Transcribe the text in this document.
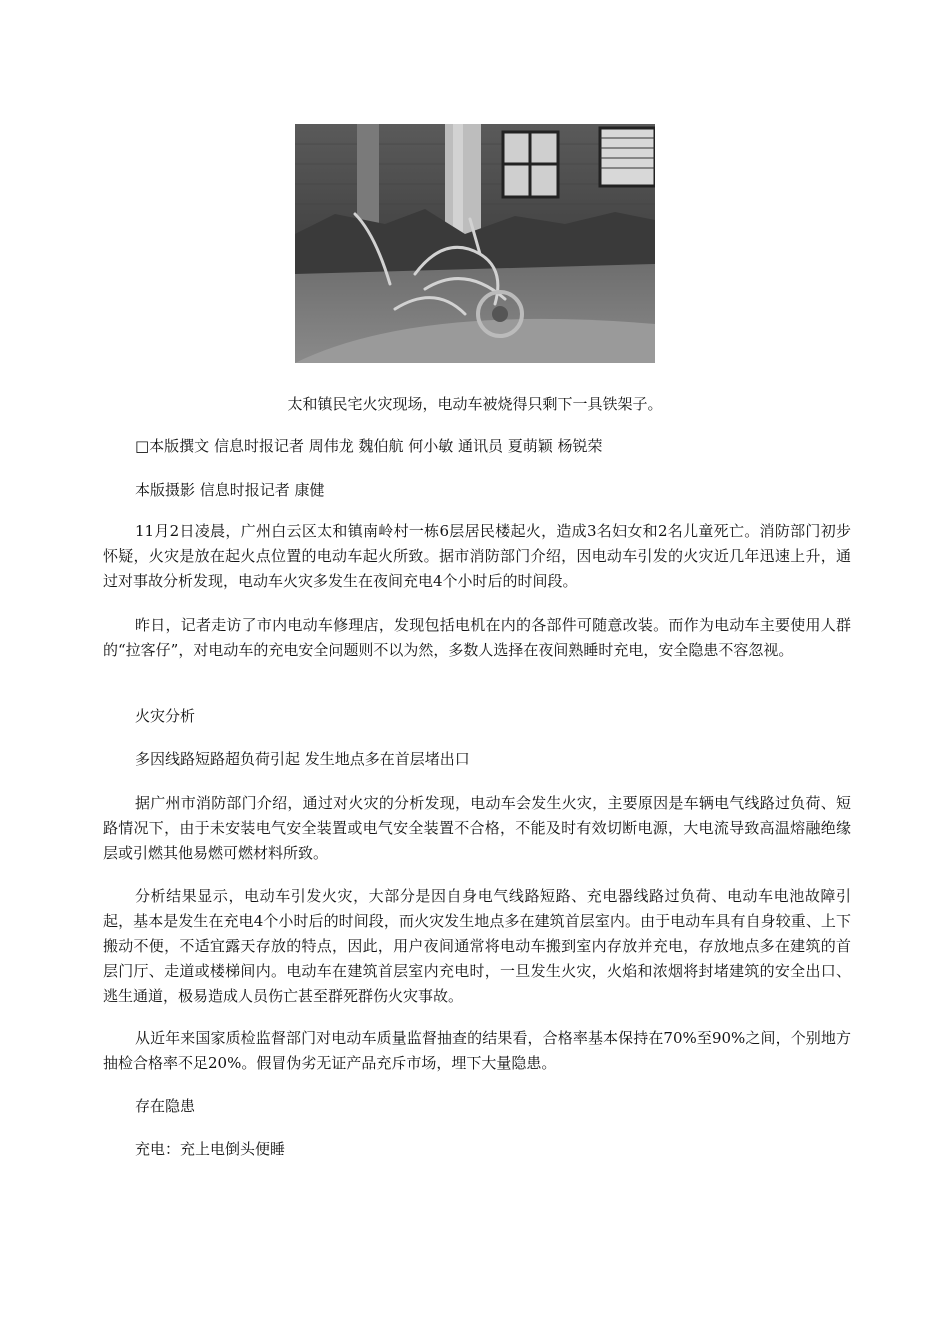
太和镇民宅火灾现场，电动车被烧得只剩下一具铁架子。

□本版撰文 信息时报记者 周伟龙 魏伯航 何小敏 通讯员 夏萌颖 杨锐荣

本版摄影 信息时报记者 康健

11月2日凌晨，广州白云区太和镇南岭村一栋6层居民楼起火，造成3名妇女和2名儿童死亡。消防部门初步怀疑，火灾是放在起火点位置的电动车起火所致。据市消防部门介绍，因电动车引发的火灾近几年迅速上升，通过对事故分析发现，电动车火灾多发生在夜间充电4个小时后的时间段。

昨日，记者走访了市内电动车修理店，发现包括电机在内的各部件可随意改装。而作为电动车主要使用人群的“拉客仔”，对电动车的充电安全问题则不以为然，多数人选择在夜间熟睡时充电，安全隐患不容忽视。

火灾分析

多因线路短路超负荷引起 发生地点多在首层堵出口

据广州市消防部门介绍，通过对火灾的分析发现，电动车会发生火灾，主要原因是车辆电气线路过负荷、短路情况下，由于未安装电气安全装置或电气安全装置不合格，不能及时有效切断电源，大电流导致高温熔融绝缘层或引燃其他易燃可燃材料所致。

分析结果显示，电动车引发火灾，大部分是因自身电气线路短路、充电器线路过负荷、电动车电池故障引起，基本是发生在充电4个小时后的时间段，而火灾发生地点多在建筑首层室内。由于电动车具有自身较重、上下搬动不便，不适宜露天存放的特点，因此，用户夜间通常将电动车搬到室内存放并充电，存放地点多在建筑的首层门厅、走道或楼梯间内。电动车在建筑首层室内充电时，一旦发生火灾，火焰和浓烟将封堵建筑的安全出口、逃生通道，极易造成人员伤亡甚至群死群伤火灾事故。

从近年来国家质检监督部门对电动车质量监督抽查的结果看，合格率基本保持在70%至90%之间，个别地方抽检合格率不足20%。假冒伪劣无证产品充斥市场，埋下大量隐患。

存在隐患

充电：充上电倒头便睡
